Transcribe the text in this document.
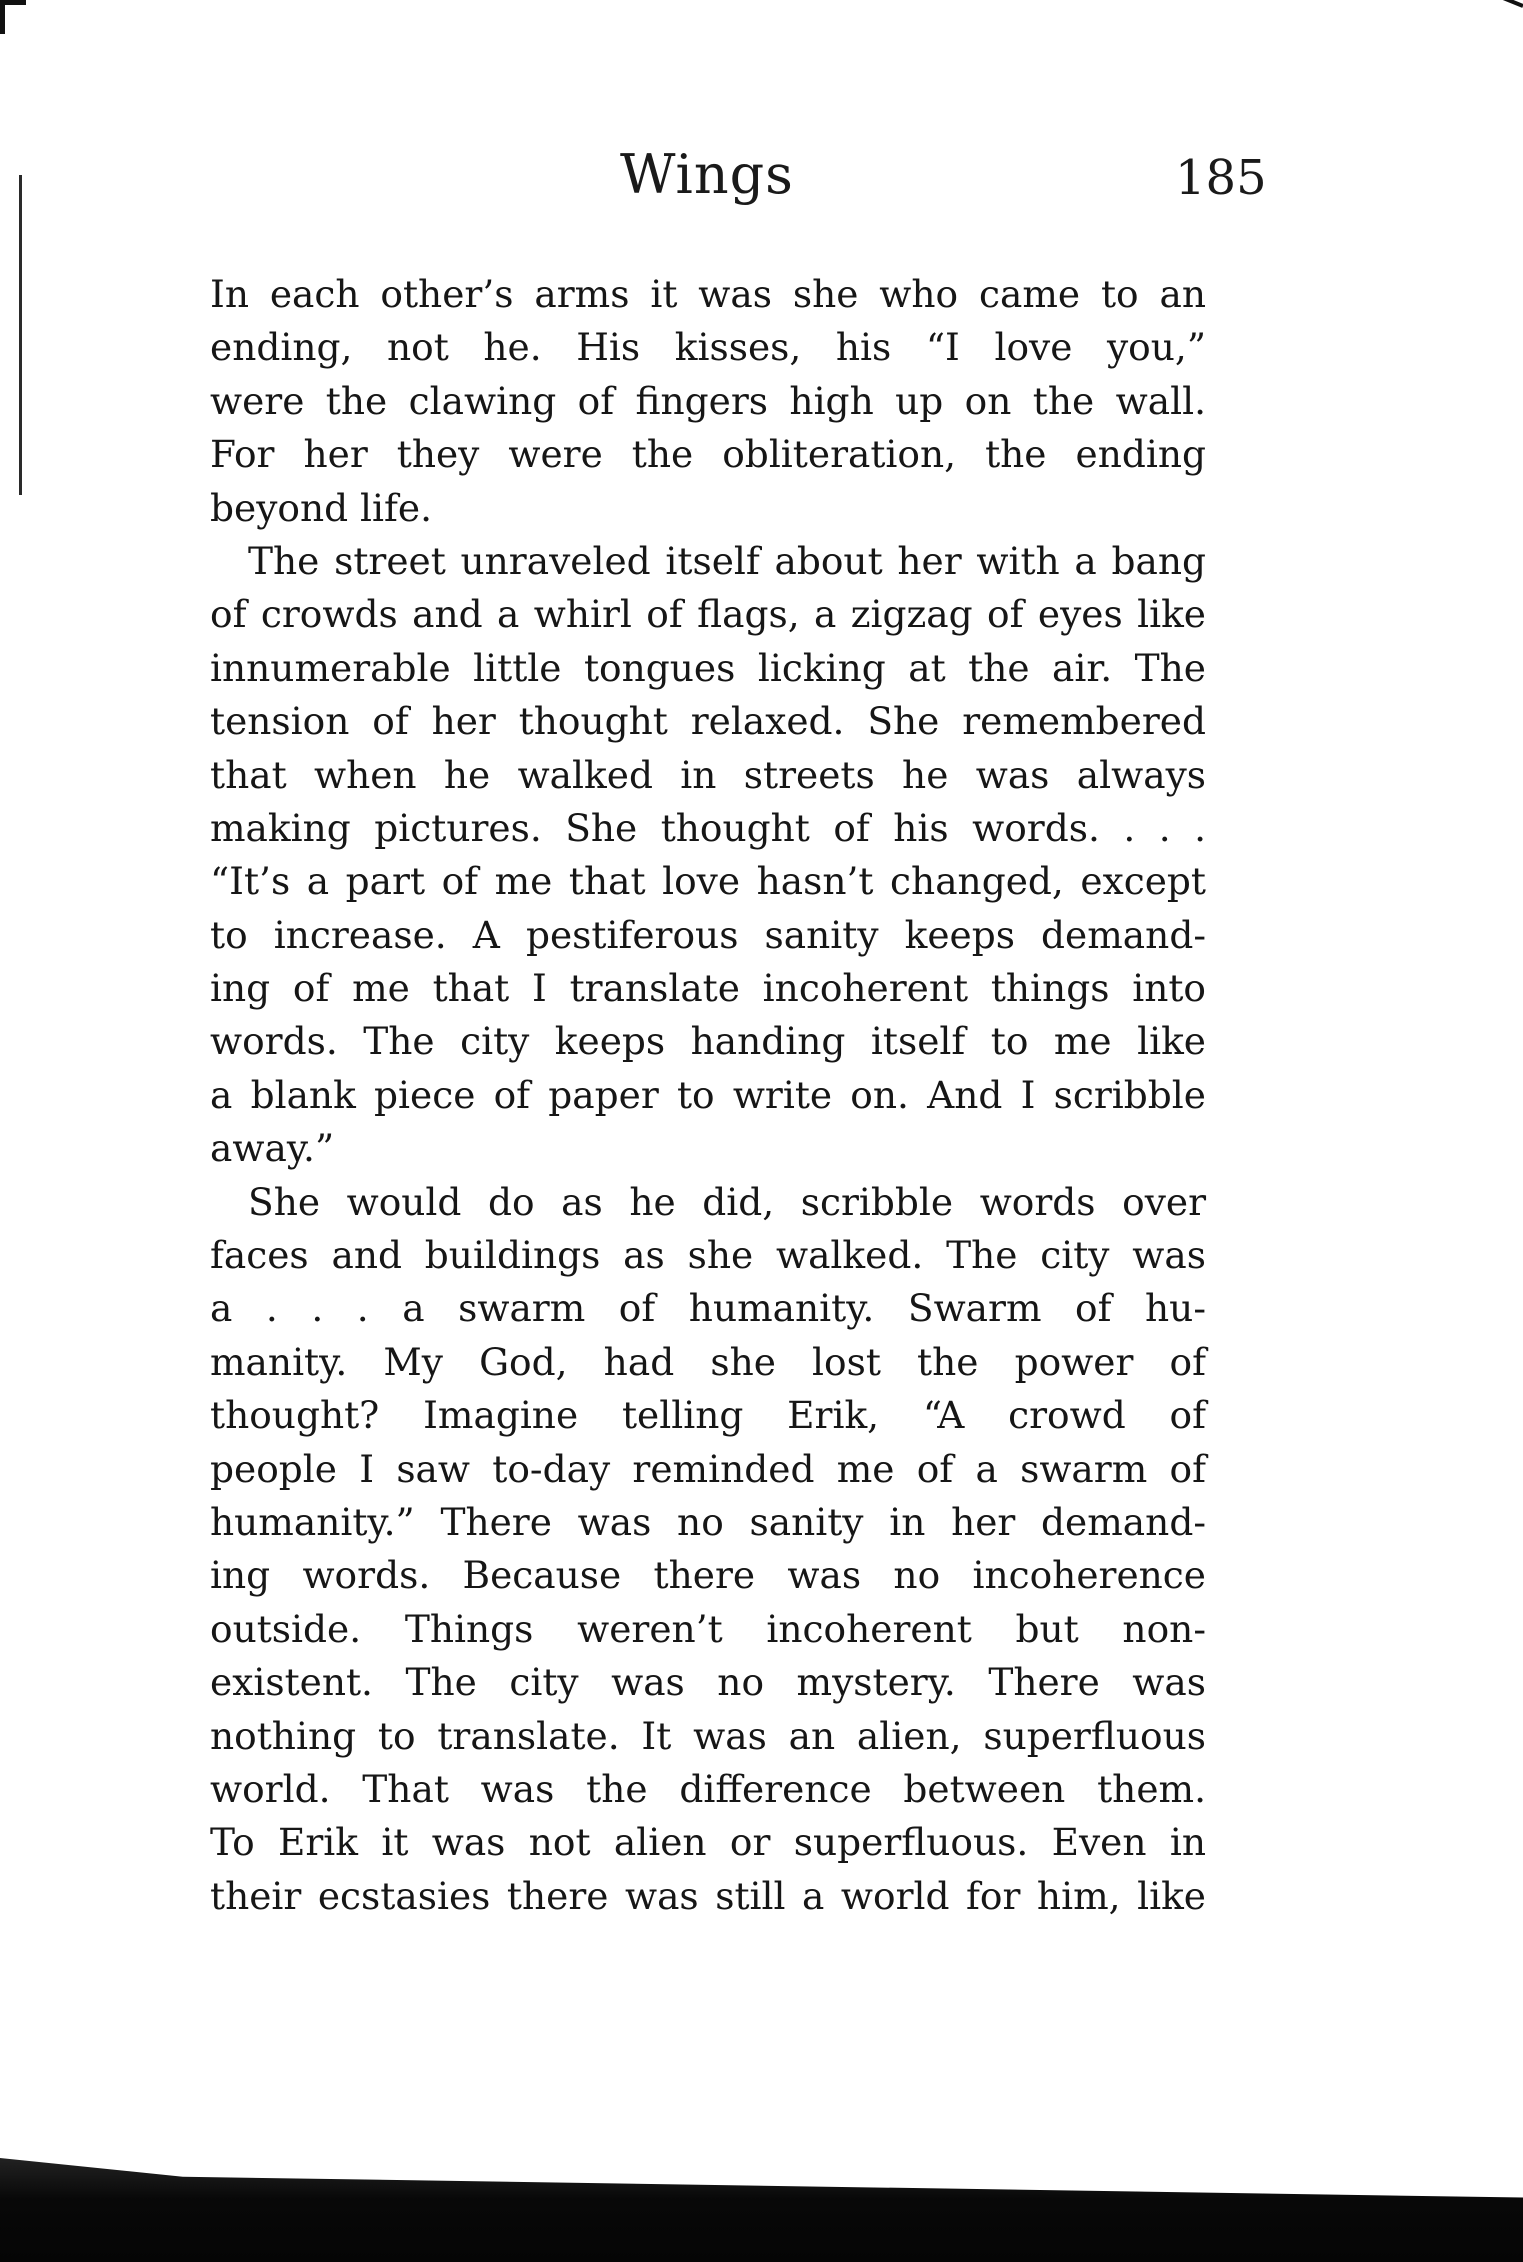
Wings	185
In each other’s arms it was she who came to an
ending, not he. His kisses, his “I love you,”
were the clawing of fingers high up on the wall.
For her they were the obliteration, the ending
beyond life.
The street unraveled itself about her with a bang
of crowds and a whirl of flags, a zigzag of eyes like
innumerable little tongues licking at the air. The
tension of her thought relaxed. She remembered
that when he walked in streets he was always
making pictures. She thought of his words. . . .
“It’s a part of me that love hasn’t changed, except
to increase. A pestiferous sanity keeps demand-
ing of me that I translate incoherent things into
words. The city keeps handing itself to me like
a blank piece of paper to write on. And I scribble
away.”
She would do as he did, scribble words over
faces and buildings as she walked. The city was
a . . . a swarm of humanity. Swarm of hu-
manity. My God, had she lost the power of
thought? Imagine telling Erik, “A crowd of
people I saw to-day reminded me of a swarm of
humanity.” There was no sanity in her demand-
ing words. Because there was no incoherence
outside. Things weren’t incoherent but non-
existent. The city was no mystery. There was
nothing to translate. It was an alien, superfluous
world. That was the difference between them.
To Erik it was not alien or superfluous. Even in
their ecstasies there was still a world for him, like
